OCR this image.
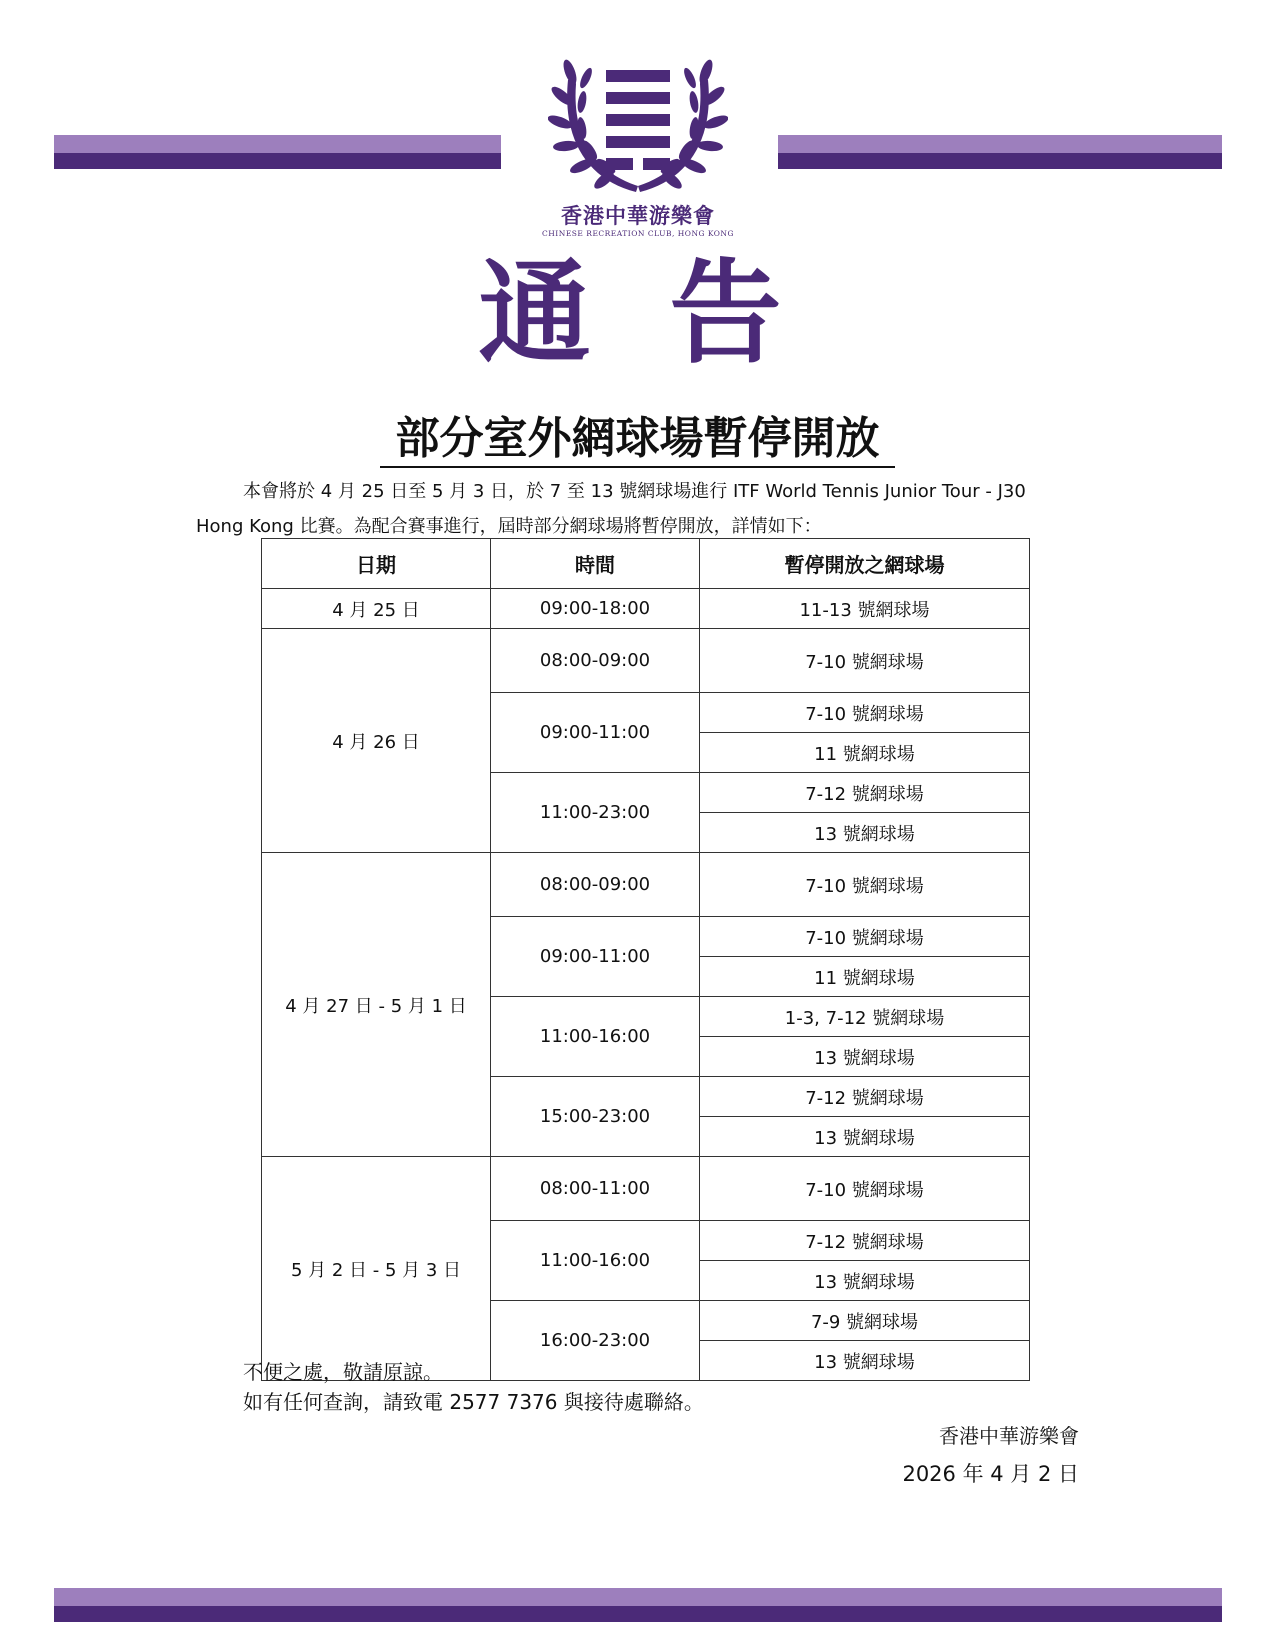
香港中華游樂會
CHINESE RECREATION CLUB, HONG KONG
通 告
部分室外網球場暫停開放
本會將於 4 月 25 日至 5 月 3 日，於 7 至 13 號網球場進行 ITF World Tennis Junior Tour - J30
Hong Kong 比賽。為配合賽事進行，屆時部分網球場將暫停開放，詳情如下：
日期	時間	暫停開放之網球場
4 月 25 日	09:00-18:00	11-13 號網球場
4 月 26 日	08:00-09:00	7-10 號網球場
	09:00-11:00	7-10 號網球場
		11 號網球場
	11:00-23:00	7-12 號網球場
		13 號網球場
4 月 27 日 - 5 月 1 日	08:00-09:00	7-10 號網球場
	09:00-11:00	7-10 號網球場
		11 號網球場
	11:00-16:00	1-3, 7-12 號網球場
		13 號網球場
	15:00-23:00	7-12 號網球場
		13 號網球場
5 月 2 日 - 5 月 3 日	08:00-11:00	7-10 號網球場
	11:00-16:00	7-12 號網球場
		13 號網球場
	16:00-23:00	7-9 號網球場
		13 號網球場
不便之處，敬請原諒。
如有任何查詢，請致電 2577 7376 與接待處聯絡。
香港中華游樂會
2026 年 4 月 2 日
